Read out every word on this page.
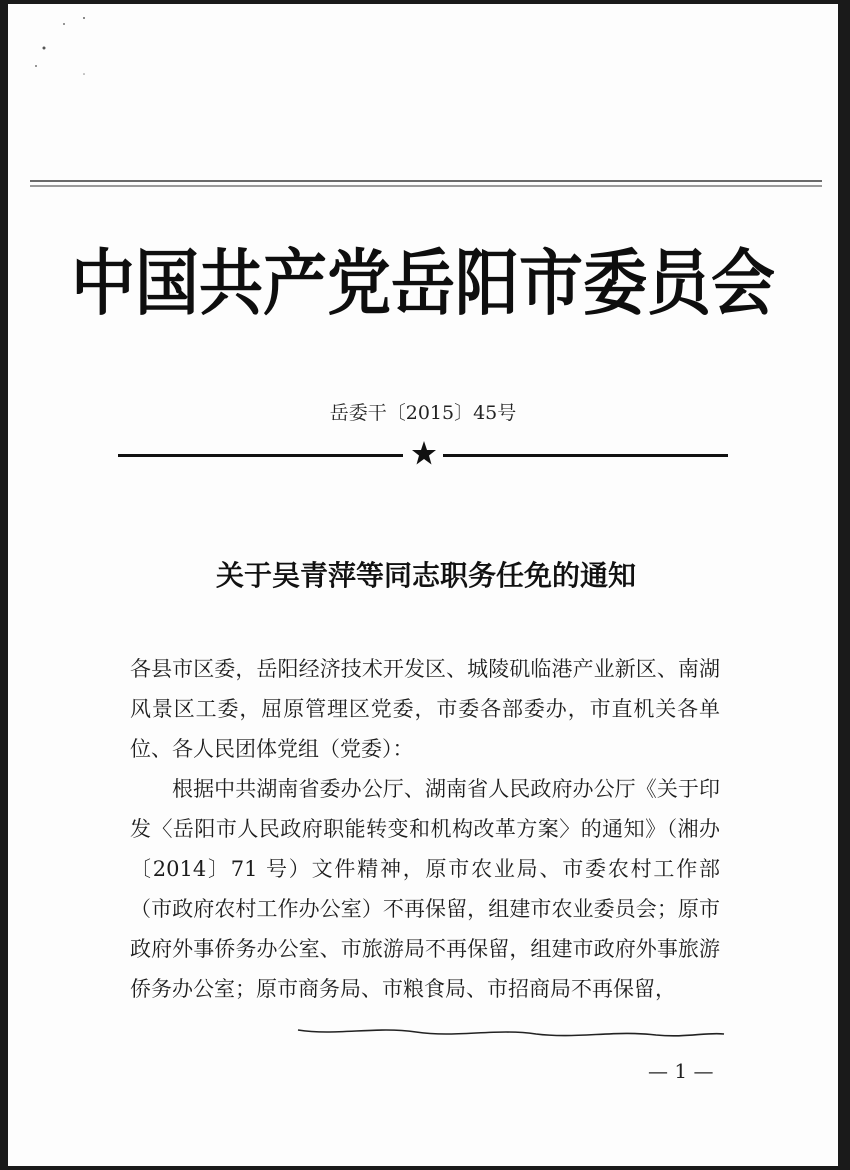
中国共产党岳阳市委员会
岳委干〔2015〕45号
关于吴青萍等同志职务任免的通知

各县市区委，岳阳经济技术开发区、城陵矶临港产业新区、南湖风景区工委，屈原管理区党委，市委各部委办，市直机关各单位、各人民团体党组（党委）：

根据中共湖南省委办公厅、湖南省人民政府办公厅《关于印发〈岳阳市人民政府职能转变和机构改革方案〉的通知》（湘办〔2014〕71 号）文件精神，原市农业局、市委农村工作部（市政府农村工作办公室）不再保留，组建市农业委员会；原市政府外事侨务办公室、市旅游局不再保留，组建市政府外事旅游侨务办公室；原市商务局、市粮食局、市招商局不再保留，

— 1 —
